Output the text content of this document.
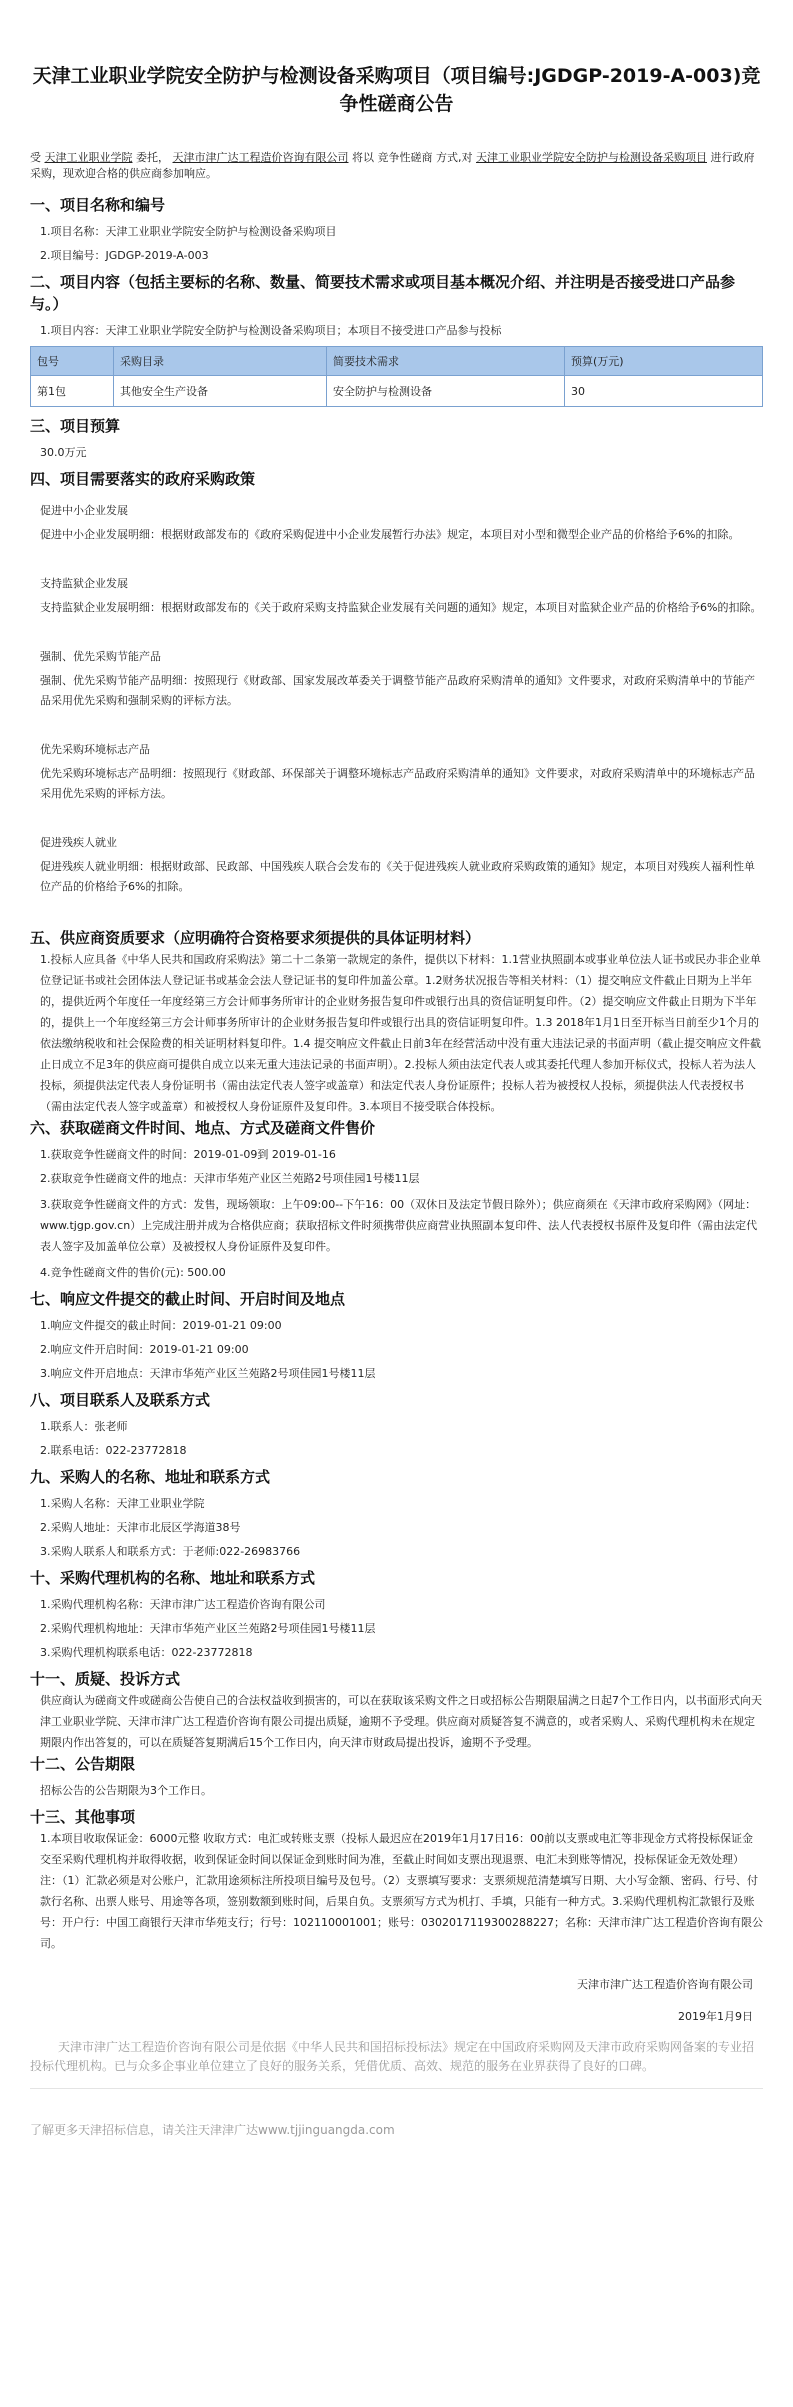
天津工业职业学院安全防护与检测设备采购项目（项目编号:JGDGP-2019-A-003)竞争性磋商公告

受 天津工业职业学院 委托， 天津市津广达工程造价咨询有限公司 将以 竞争性磋商 方式,对 天津工业职业学院安全防护与检测设备采购项目 进行政府采购，现欢迎合格的供应商参加响应。

一、项目名称和编号

1.项目名称：天津工业职业学院安全防护与检测设备采购项目

2.项目编号：JGDGP-2019-A-003

二、项目内容（包括主要标的名称、数量、简要技术需求或项目基本概况介绍、并注明是否接受进口产品参与。）

1.项目内容：天津工业职业学院安全防护与检测设备采购项目；本项目不接受进口产品参与投标

包号	采购目录	简要技术需求	预算(万元)
第1包	其他安全生产设备	安全防护与检测设备	30
三、项目预算

30.0万元

四、项目需要落实的政府采购政策

促进中小企业发展

促进中小企业发展明细：根据财政部发布的《政府采购促进中小企业发展暂行办法》规定，本项目对小型和微型企业产品的价格给予6%的扣除。

支持监狱企业发展

支持监狱企业发展明细：根据财政部发布的《关于政府采购支持监狱企业发展有关问题的通知》规定，本项目对监狱企业产品的价格给予6%的扣除。

强制、优先采购节能产品

强制、优先采购节能产品明细：按照现行《财政部、国家发展改革委关于调整节能产品政府采购清单的通知》文件要求，对政府采购清单中的节能产品采用优先采购和强制采购的评标方法。

优先采购环境标志产品

优先采购环境标志产品明细：按照现行《财政部、环保部关于调整环境标志产品政府采购清单的通知》文件要求，对政府采购清单中的环境标志产品采用优先采购的评标方法。

促进残疾人就业

促进残疾人就业明细：根据财政部、民政部、中国残疾人联合会发布的《关于促进残疾人就业政府采购政策的通知》规定，本项目对残疾人福利性单位产品的价格给予6%的扣除。

五、供应商资质要求（应明确符合资格要求须提供的具体证明材料）

1.投标人应具备《中华人民共和国政府采购法》第二十二条第一款规定的条件，提供以下材料：1.1营业执照副本或事业单位法人证书或民办非企业单位登记证书或社会团体法人登记证书或基金会法人登记证书的复印件加盖公章。1.2财务状况报告等相关材料：（1）提交响应文件截止日期为上半年的，提供近两个年度任一年度经第三方会计师事务所审计的企业财务报告复印件或银行出具的资信证明复印件。（2）提交响应文件截止日期为下半年的，提供上一个年度经第三方会计师事务所审计的企业财务报告复印件或银行出具的资信证明复印件。1.3 2018年1月1日至开标当日前至少1个月的依法缴纳税收和社会保险费的相关证明材料复印件。1.4 提交响应文件截止日前3年在经营活动中没有重大违法记录的书面声明（截止提交响应文件截止日成立不足3年的供应商可提供自成立以来无重大违法记录的书面声明）。2.投标人须由法定代表人或其委托代理人参加开标仪式，投标人若为法人投标，须提供法定代表人身份证明书（需由法定代表人签字或盖章）和法定代表人身份证原件；投标人若为被授权人投标，须提供法人代表授权书（需由法定代表人签字或盖章）和被授权人身份证原件及复印件。3.本项目不接受联合体投标。

六、获取磋商文件时间、地点、方式及磋商文件售价

1.获取竞争性磋商文件的时间：2019-01-09到 2019-01-16

2.获取竞争性磋商文件的地点：天津市华苑产业区兰苑路2号项佳园1号楼11层

3.获取竞争性磋商文件的方式：发售，现场领取：上午09:00--下午16：00（双休日及法定节假日除外）；供应商须在《天津市政府采购网》（网址：www.tjgp.gov.cn）上完成注册并成为合格供应商；获取招标文件时须携带供应商营业执照副本复印件、法人代表授权书原件及复印件（需由法定代表人签字及加盖单位公章）及被授权人身份证原件及复印件。

4.竞争性磋商文件的售价(元): 500.00

七、响应文件提交的截止时间、开启时间及地点

1.响应文件提交的截止时间：2019-01-21 09:00

2.响应文件开启时间：2019-01-21 09:00

3.响应文件开启地点：天津市华苑产业区兰苑路2号项佳园1号楼11层

八、项目联系人及联系方式

1.联系人：张老师

2.联系电话：022-23772818

九、采购人的名称、地址和联系方式

1.采购人名称：天津工业职业学院

2.采购人地址：天津市北辰区学海道38号

3.采购人联系人和联系方式：于老师:022-26983766

十、采购代理机构的名称、地址和联系方式

1.采购代理机构名称：天津市津广达工程造价咨询有限公司

2.采购代理机构地址：天津市华苑产业区兰苑路2号项佳园1号楼11层

3.采购代理机构联系电话：022-23772818

十一、质疑、投诉方式

供应商认为磋商文件或磋商公告使自己的合法权益收到损害的，可以在获取该采购文件之日或招标公告期限届满之日起7个工作日内，以书面形式向天津工业职业学院、天津市津广达工程造价咨询有限公司提出质疑，逾期不予受理。供应商对质疑答复不满意的，或者采购人、采购代理机构未在规定期限内作出答复的，可以在质疑答复期满后15个工作日内，向天津市财政局提出投诉，逾期不予受理。

十二、公告期限

招标公告的公告期限为3个工作日。

十三、其他事项

1.本项目收取保证金：6000元整 收取方式：电汇或转账支票（投标人最迟应在2019年1月17日16：00前以支票或电汇等非现金方式将投标保证金交至采购代理机构并取得收据，收到保证金时间以保证金到账时间为准，至截止时间如支票出现退票、电汇未到账等情况，投标保证金无效处理）注：（1）汇款必须是对公账户，汇款用途须标注所投项目编号及包号。（2）支票填写要求：支票须规范清楚填写日期、大小写金额、密码、行号、付款行名称、出票人账号、用途等各项，签别数额到账时间，后果自负。支票须写方式为机打、手填，只能有一种方式。3.采购代理机构汇款银行及账号：开户行：中国工商银行天津市华苑支行；行号：102110001001；账号：0302017119300288227；名称：天津市津广达工程造价咨询有限公司。

天津市津广达工程造价咨询有限公司

2019年1月9日

天津市津广达工程造价咨询有限公司是依据《中华人民共和国招标投标法》规定在中国政府采购网及天津市政府采购网备案的专业招投标代理机构。已与众多企事业单位建立了良好的服务关系，凭借优质、高效、规范的服务在业界获得了良好的口碑。

了解更多天津招标信息，请关注天津津广达www.tjjinguangda.com
